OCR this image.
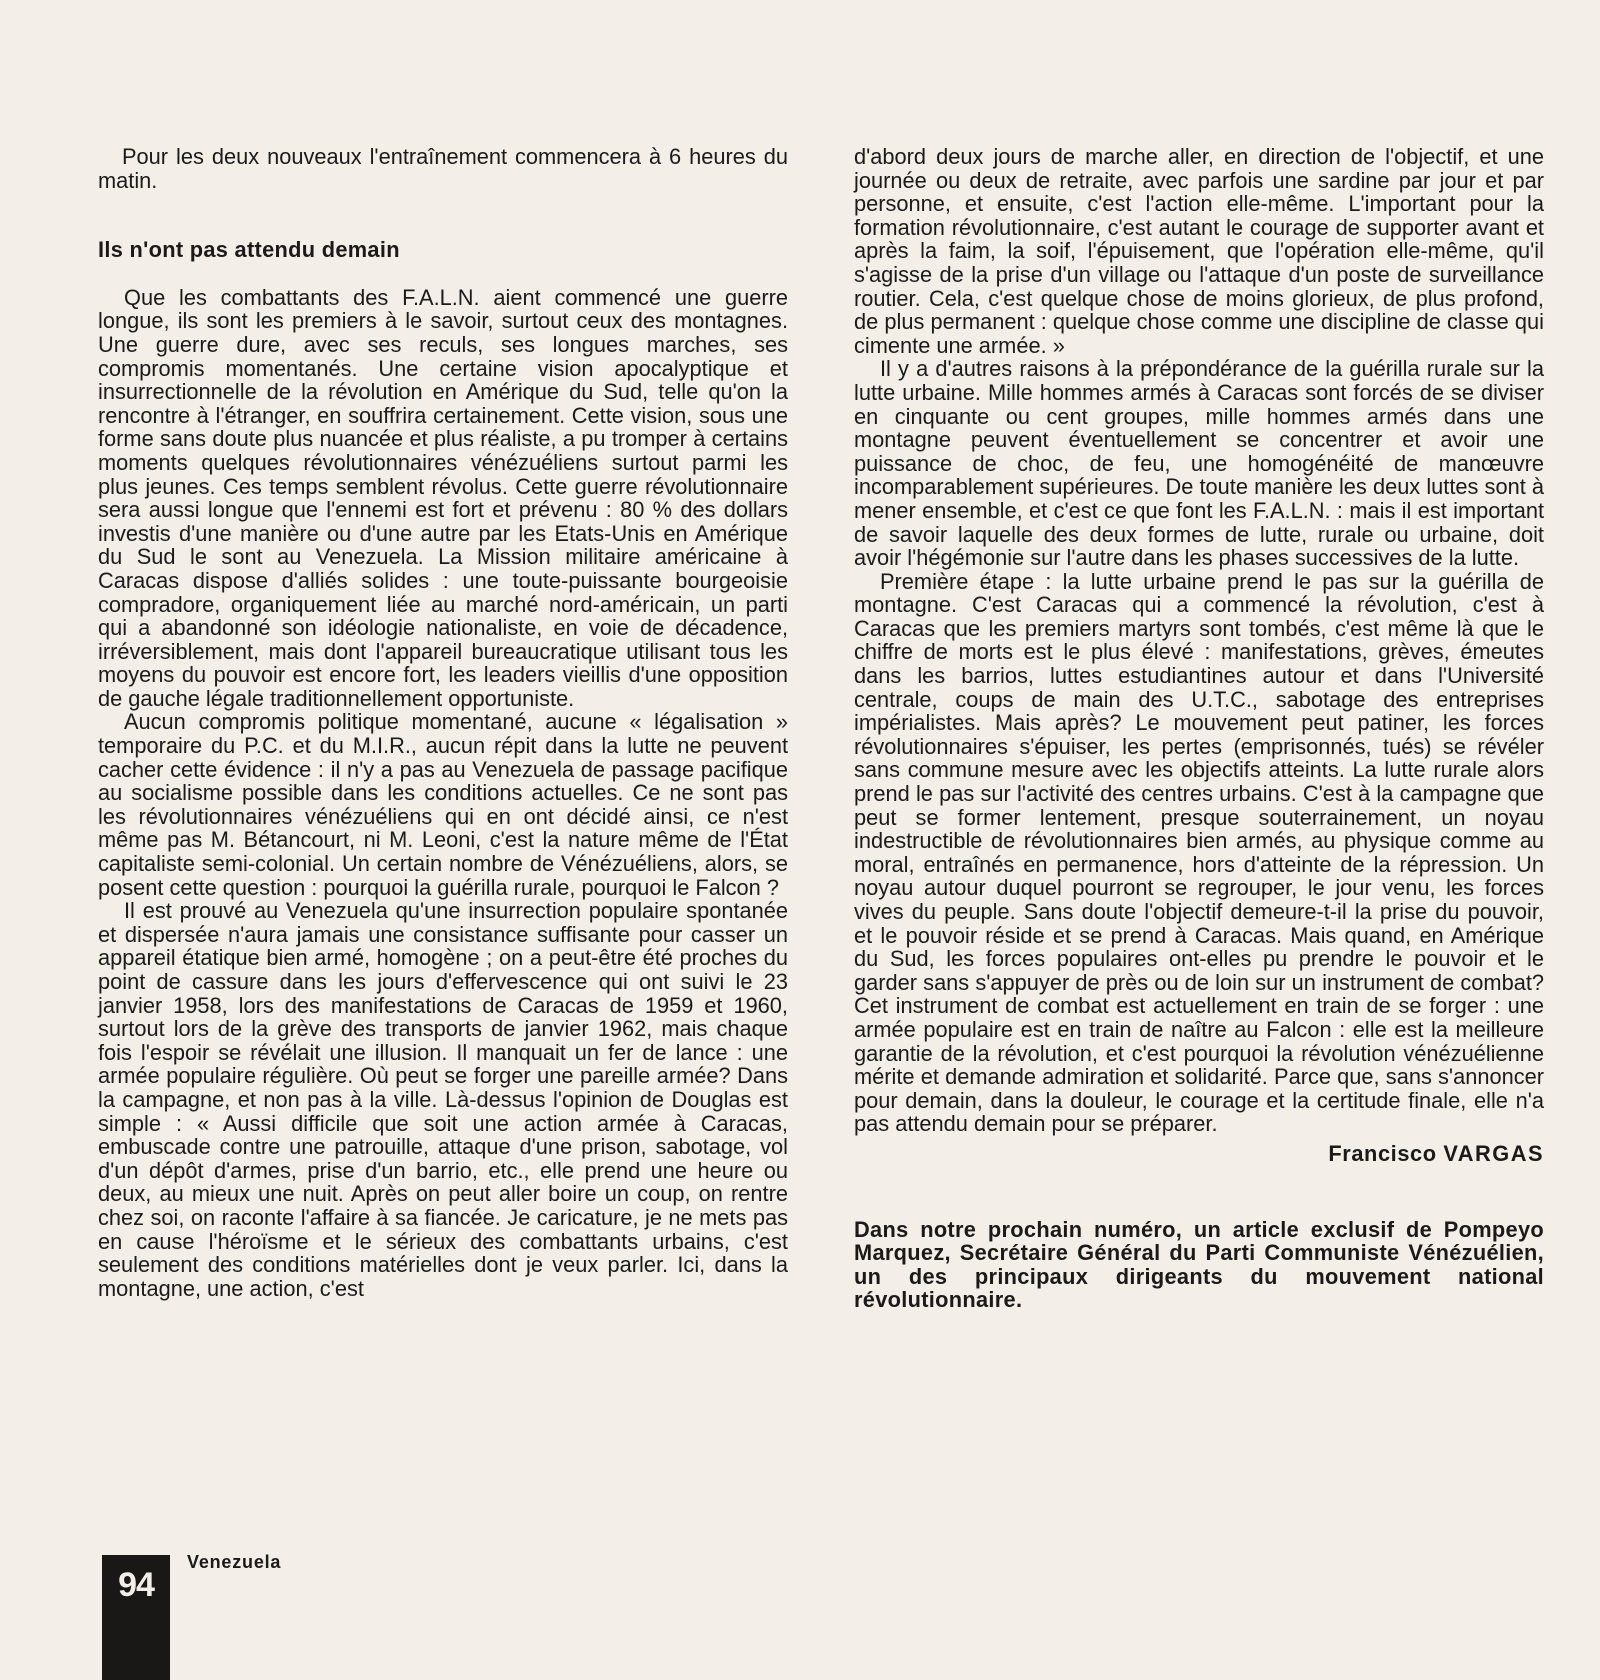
Pour les deux nouveaux l'entraînement commencera à 6 heures du matin.

Ils n'ont pas attendu demain

Que les combattants des F.A.L.N. aient commencé une guerre longue, ils sont les premiers à le savoir, surtout ceux des montagnes. Une guerre dure, avec ses reculs, ses longues marches, ses compromis momentanés. Une certaine vision apocalyptique et insurrectionnelle de la révolution en Amérique du Sud, telle qu'on la rencontre à l'étranger, en souffrira certainement. Cette vision, sous une forme sans doute plus nuancée et plus réaliste, a pu tromper à certains moments quelques révolutionnaires vénézuéliens surtout parmi les plus jeunes. Ces temps semblent révolus. Cette guerre révolutionnaire sera aussi longue que l'ennemi est fort et prévenu : 80 % des dollars investis d'une manière ou d'une autre par les Etats-Unis en Amérique du Sud le sont au Venezuela. La Mission militaire américaine à Caracas dispose d'alliés solides : une toute-puissante bourgeoisie compradore, organiquement liée au marché nord-américain, un parti qui a abandonné son idéologie nationaliste, en voie de décadence, irréversiblement, mais dont l'appareil bureaucratique utilisant tous les moyens du pouvoir est encore fort, les leaders vieillis d'une opposition de gauche légale traditionnellement opportuniste.

Aucun compromis politique momentané, aucune « légalisation » temporaire du P.C. et du M.I.R., aucun répit dans la lutte ne peuvent cacher cette évidence : il n'y a pas au Venezuela de passage pacifique au socialisme possible dans les conditions actuelles. Ce ne sont pas les révolutionnaires vénézuéliens qui en ont décidé ainsi, ce n'est même pas M. Bétancourt, ni M. Leoni, c'est la nature même de l'État capitaliste semi-colonial. Un certain nombre de Vénézuéliens, alors, se posent cette question : pourquoi la guérilla rurale, pourquoi le Falcon ?

Il est prouvé au Venezuela qu'une insurrection populaire spontanée et dispersée n'aura jamais une consistance suffisante pour casser un appareil étatique bien armé, homogène ; on a peut-être été proches du point de cassure dans les jours d'effervescence qui ont suivi le 23 janvier 1958, lors des manifestations de Caracas de 1959 et 1960, surtout lors de la grève des transports de janvier 1962, mais chaque fois l'espoir se révélait une illusion. Il manquait un fer de lance : une armée populaire régulière. Où peut se forger une pareille armée? Dans la campagne, et non pas à la ville. Là-dessus l'opinion de Douglas est simple : « Aussi difficile que soit une action armée à Caracas, embuscade contre une patrouille, attaque d'une prison, sabotage, vol d'un dépôt d'armes, prise d'un barrio, etc., elle prend une heure ou deux, au mieux une nuit. Après on peut aller boire un coup, on rentre chez soi, on raconte l'affaire à sa fiancée. Je caricature, je ne mets pas en cause l'héroïsme et le sérieux des combattants urbains, c'est seulement des conditions matérielles dont je veux parler. Ici, dans la montagne, une action, c'est

d'abord deux jours de marche aller, en direction de l'objectif, et une journée ou deux de retraite, avec parfois une sardine par jour et par personne, et ensuite, c'est l'action elle-même. L'important pour la formation révolutionnaire, c'est autant le courage de supporter avant et après la faim, la soif, l'épuisement, que l'opération elle-même, qu'il s'agisse de la prise d'un village ou l'attaque d'un poste de surveillance routier. Cela, c'est quelque chose de moins glorieux, de plus profond, de plus permanent : quelque chose comme une discipline de classe qui cimente une armée. »

Il y a d'autres raisons à la prépondérance de la guérilla rurale sur la lutte urbaine. Mille hommes armés à Caracas sont forcés de se diviser en cinquante ou cent groupes, mille hommes armés dans une montagne peuvent éventuellement se concentrer et avoir une puissance de choc, de feu, une homogénéité de manœuvre incomparablement supérieures. De toute manière les deux luttes sont à mener ensemble, et c'est ce que font les F.A.L.N. : mais il est important de savoir laquelle des deux formes de lutte, rurale ou urbaine, doit avoir l'hégémonie sur l'autre dans les phases successives de la lutte.

Première étape : la lutte urbaine prend le pas sur la guérilla de montagne. C'est Caracas qui a commencé la révolution, c'est à Caracas que les premiers martyrs sont tombés, c'est même là que le chiffre de morts est le plus élevé : manifestations, grèves, émeutes dans les barrios, luttes estudiantines autour et dans l'Université centrale, coups de main des U.T.C., sabotage des entreprises impérialistes. Mais après? Le mouvement peut patiner, les forces révolutionnaires s'épuiser, les pertes (emprisonnés, tués) se révéler sans commune mesure avec les objectifs atteints. La lutte rurale alors prend le pas sur l'activité des centres urbains. C'est à la campagne que peut se former lentement, presque souterrainement, un noyau indestructible de révolutionnaires bien armés, au physique comme au moral, entraînés en permanence, hors d'atteinte de la répression. Un noyau autour duquel pourront se regrouper, le jour venu, les forces vives du peuple. Sans doute l'objectif demeure-t-il la prise du pouvoir, et le pouvoir réside et se prend à Caracas. Mais quand, en Amérique du Sud, les forces populaires ont-elles pu prendre le pouvoir et le garder sans s'appuyer de près ou de loin sur un instrument de combat? Cet instrument de combat est actuellement en train de se forger : une armée populaire est en train de naître au Falcon : elle est la meilleure garantie de la révolution, et c'est pourquoi la révolution vénézuélienne mérite et demande admiration et solidarité. Parce que, sans s'annoncer pour demain, dans la douleur, le courage et la certitude finale, elle n'a pas attendu demain pour se préparer.

Francisco VARGAS
Dans notre prochain numéro, un article exclusif de Pompeyo Marquez, Secrétaire Général du Parti Communiste Vénézuélien, un des principaux dirigeants du mouvement national révolutionnaire.
94
Venezuela
